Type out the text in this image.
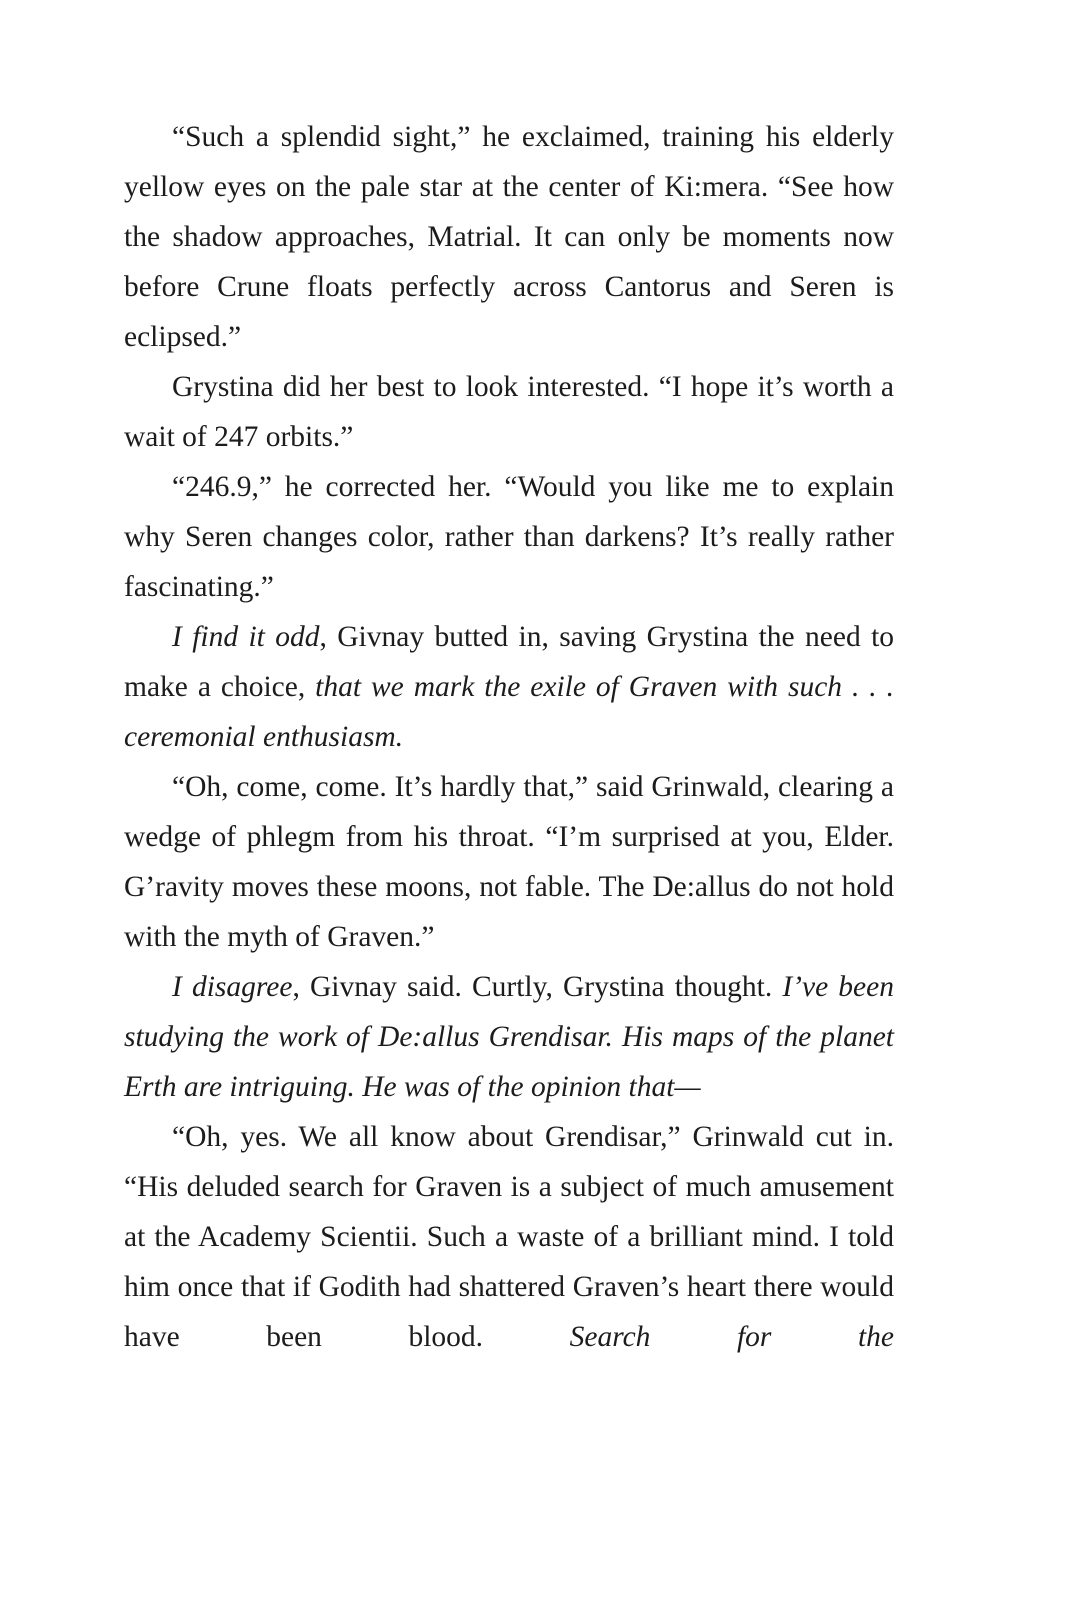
“Such a splendid sight,” he exclaimed, training his elderly yellow eyes on the pale star at the center of Ki:mera. “See how the shadow approaches, Matrial. It can only be moments now before Crune floats perfectly across Cantorus and Seren is eclipsed.”

Grystina did her best to look interested. “I hope it’s worth a wait of 247 orbits.”

“246.9,” he corrected her. “Would you like me to explain why Seren changes color, rather than darkens? It’s really rather fascinating.”

I find it odd, Givnay butted in, saving Grystina the need to make a choice, that we mark the exile of Graven with such . . . ceremonial enthusiasm.

“Oh, come, come. It’s hardly that,” said Grinwald, clearing a wedge of phlegm from his throat. “I’m surprised at you, Elder. G’ravity moves these moons, not fable. The De:allus do not hold with the myth of Graven.”

I disagree, Givnay said. Curtly, Grystina thought. I’ve been studying the work of De:allus Grendisar. His maps of the planet Erth are intriguing. He was of the opinion that—

“Oh, yes. We all know about Grendisar,” Grinwald cut in. “His deluded search for Graven is a subject of much amusement at the Academy Scientii. Such a waste of a brilliant mind. I told him once that if Godith had shattered Graven’s heart there would have been blood. Search for the
